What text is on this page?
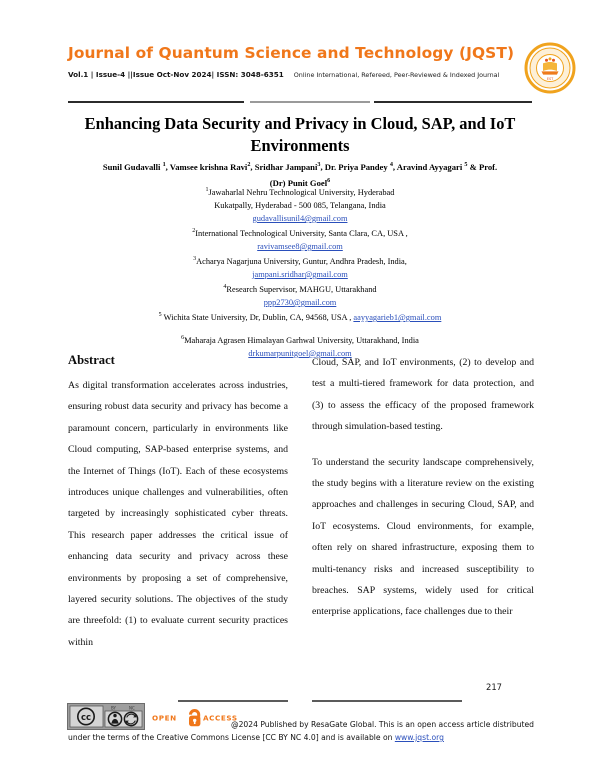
Journal of Quantum Science and Technology (JQST)
Vol.1 | Issue-4 ||Issue Oct-Nov 2024| ISSN: 3048-6351 Online International, Refereed, Peer-Reviewed & Indexed Journal	EST
Enhancing Data Security and Privacy in Cloud, SAP, and IoT Environments
Sunil Gudavalli $^1$, Vamsee krishna Ravi$^2$, Sridhar Jampani$^3$, Dr. Priya Pandey $^4$, Aravind Ayyagari $^5$ & Prof.
(Dr) Punit Goel$^6$
$^1$Jawaharlal Nehru Technological University, Hyderabad
Kukatpally, Hyderabad - 500 085, Telangana, India
gudavallisunil4@gmail.com
$^2$International Technological University, Santa Clara, CA, USA ,
ravivamsee8@gmail.com
$^3$Acharya Nagarjuna University, Guntur, Andhra Pradesh, India,
jampani.sridhar@gmail.com
$^4$Research Supervisor, MAHGU, Uttarakhand
ppp2730@gmail.com
$^5$ Wichita State University, Dr, Dublin, CA, 94568, USA , aayyagarieb1@gmail.com
$^6$Maharaja Agrasen Himalayan Garhwal University, Uttarakhand, India
drkumarpunitgoel@gmail.com
Abstract

As digital transformation accelerates across industries, ensuring robust data security and privacy has become a paramount concern, particularly in environments like Cloud computing, SAP-based enterprise systems, and the Internet of Things (IoT). Each of these ecosystems introduces unique challenges and vulnerabilities, often targeted by increasingly sophisticated cyber threats. This research paper addresses the critical issue of enhancing data security and privacy across these environments by proposing a set of comprehensive, layered security solutions. The objectives of the study are threefold: (1) to evaluate current security practices within

Cloud, SAP, and IoT environments, (2) to develop and test a multi-tiered framework for data protection, and (3) to assess the efficacy of the proposed framework through simulation-based testing.

To understand the security landscape comprehensively, the study begins with a literature review on the existing approaches and challenges in securing Cloud, SAP, and IoT ecosystems. Cloud environments, for example, often rely on shared infrastructure, exposing them to multi-tenancy risks and increased susceptibility to breaches. SAP systems, widely used for critical enterprise applications, face challenges due to their

217
BY	NC
cc	OPEN	ACCESS
@2024 Published by ResaGate Global. This is an open access article distributed
under the terms of the Creative Commons License [CC BY NC 4.0] and is available on www.jqst.org
